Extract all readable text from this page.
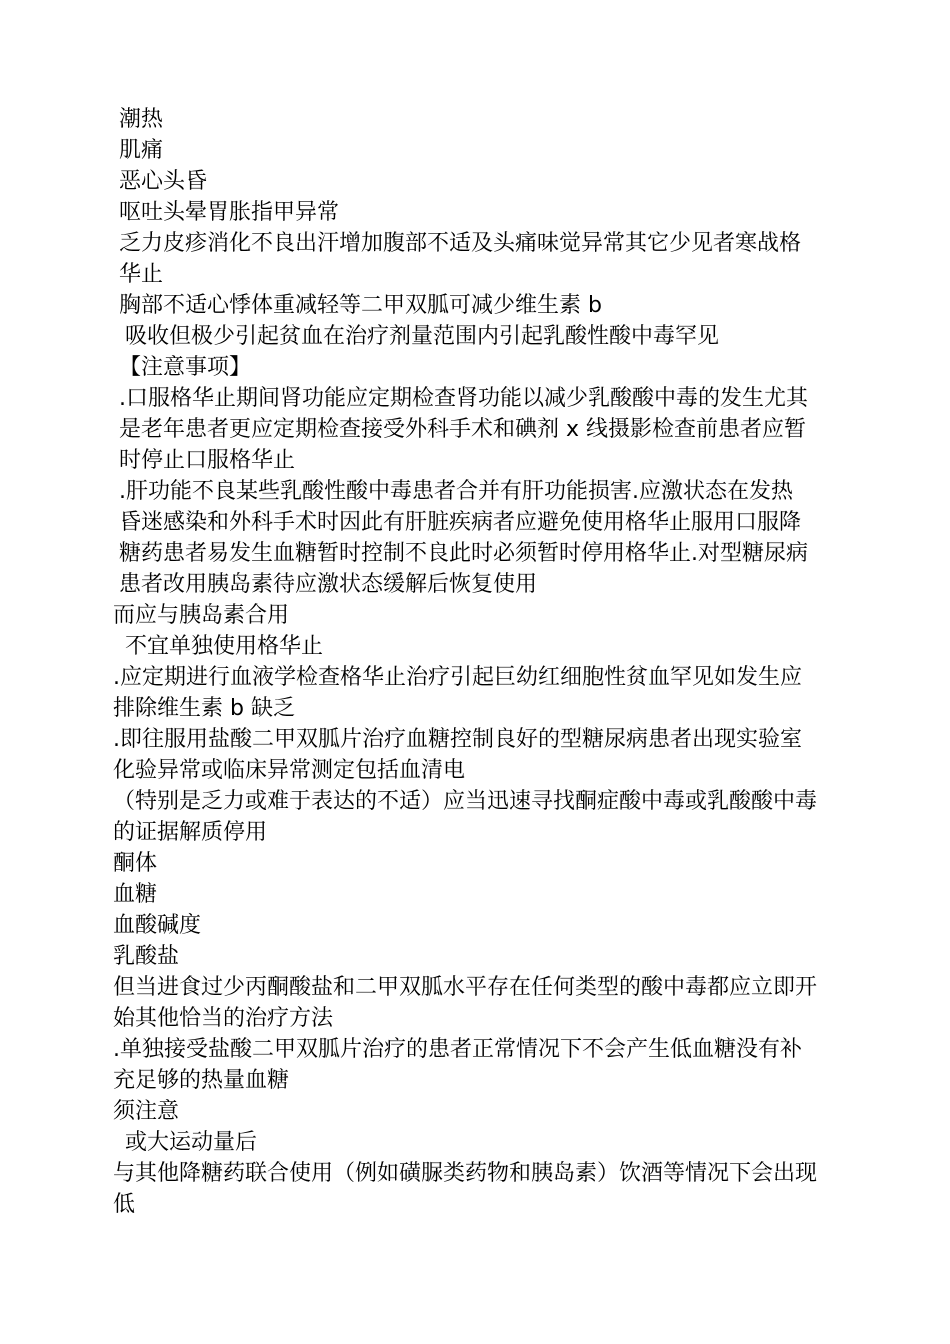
潮热
肌痛
恶心头昏
呕吐头晕胃胀指甲异常
乏力皮疹消化不良出汗增加腹部不适及头痛味觉异常其它少见者寒战格
华止
胸部不适心悸体重减轻等二甲双胍可减少维生素 b
吸收但极少引起贫血在治疗剂量范围内引起乳酸性酸中毒罕见
【注意事项】
.口服格华止期间肾功能应定期检查肾功能以减少乳酸酸中毒的发生尤其
是老年患者更应定期检查接受外科手术和碘剂 x 线摄影检查前患者应暂
时停止口服格华止
.肝功能不良某些乳酸性酸中毒患者合并有肝功能损害.应激状态在发热
昏迷感染和外科手术时因此有肝脏疾病者应避免使用格华止服用口服降
糖药患者易发生血糖暂时控制不良此时必须暂时停用格华止.对型糖尿病
患者改用胰岛素待应激状态缓解后恢复使用
而应与胰岛素合用
不宜单独使用格华止
.应定期进行血液学检查格华止治疗引起巨幼红细胞性贫血罕见如发生应
排除维生素 b 缺乏
.即往服用盐酸二甲双胍片治疗血糖控制良好的型糖尿病患者出现实验室
化验异常或临床异常测定包括血清电
（特别是乏力或难于表达的不适）应当迅速寻找酮症酸中毒或乳酸酸中毒
的证据解质停用
酮体
血糖
血酸碱度
乳酸盐
但当进食过少丙酮酸盐和二甲双胍水平存在任何类型的酸中毒都应立即开
始其他恰当的治疗方法
.单独接受盐酸二甲双胍片治疗的患者正常情况下不会产生低血糖没有补
充足够的热量血糖
须注意
或大运动量后
与其他降糖药联合使用（例如磺脲类药物和胰岛素）饮酒等情况下会出现
低
